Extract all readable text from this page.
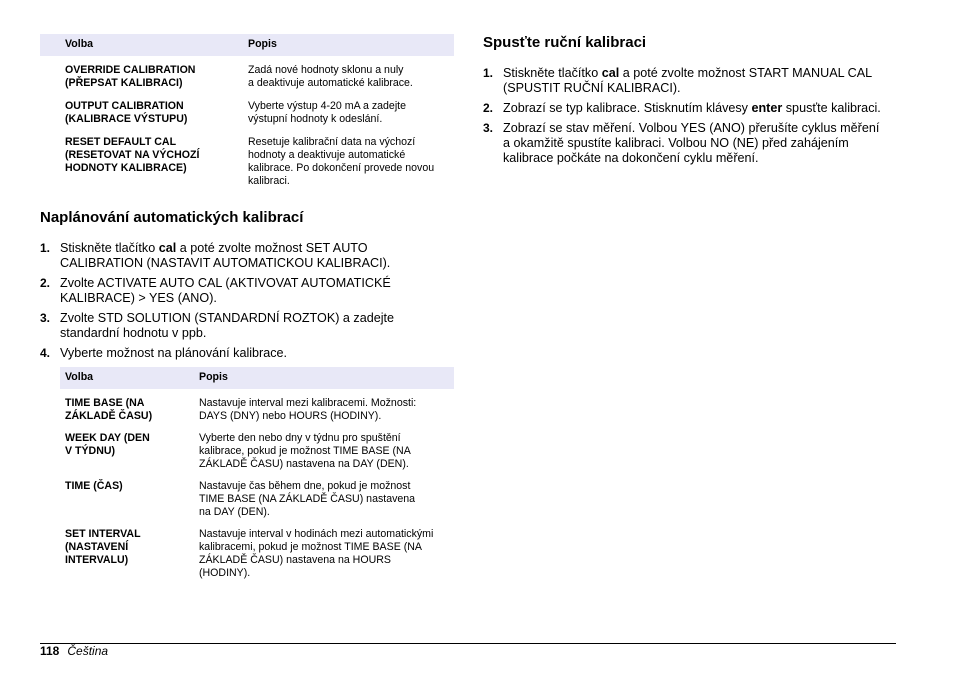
Volba	Popis

OVERRIDE CALIBRATION
(PŘEPSAT KALIBRACI)	Zadá nové hodnoty sklonu a nuly
a deaktivuje automatické kalibrace.

OUTPUT CALIBRATION
(KALIBRACE VÝSTUPU)	Vyberte výstup 4-20 mA a zadejte
výstupní hodnoty k odeslání.

RESET DEFAULT CAL
(RESETOVAT NA VÝCHOZÍ
HODNOTY KALIBRACE)	Resetuje kalibrační data na výchozí
hodnoty a deaktivuje automatické
kalibrace. Po dokončení provede novou
kalibraci.
Naplánování automatických kalibrací
1. Stiskněte tlačítko cal a poté zvolte možnost SET AUTO
CALIBRATION (NASTAVIT AUTOMATICKOU KALIBRACI).
2. Zvolte ACTIVATE AUTO CAL (AKTIVOVAT AUTOMATICKÉ
KALIBRACE) > YES (ANO).
3. Zvolte STD SOLUTION (STANDARDNÍ ROZTOK) a zadejte
standardní hodnotu v ppb.
4. Vyberte možnost na plánování kalibrace.
Volba	Popis

TIME BASE (NA
ZÁKLADĚ ČASU)	Nastavuje interval mezi kalibracemi. Možnosti:
DAYS (DNY) nebo HOURS (HODINY).

WEEK DAY (DEN
V TÝDNU)	Vyberte den nebo dny v týdnu pro spuštění
kalibrace, pokud je možnost TIME BASE (NA
ZÁKLADĚ ČASU) nastavena na DAY (DEN).

TIME (ČAS)	Nastavuje čas během dne, pokud je možnost
TIME BASE (NA ZÁKLADĚ ČASU) nastavena
na DAY (DEN).

SET INTERVAL
(NASTAVENÍ
INTERVALU)	Nastavuje interval v hodinách mezi automatickými
kalibracemi, pokud je možnost TIME BASE (NA
ZÁKLADĚ ČASU) nastavena na HOURS
(HODINY).
Spusťte ruční kalibraci
1. Stiskněte tlačítko cal a poté zvolte možnost START MANUAL CAL
(SPUSTIT RUČNÍ KALIBRACI).
2. Zobrazí se typ kalibrace. Stisknutím klávesy enter spusťte kalibraci.
3. Zobrazí se stav měření. Volbou YES (ANO) přerušíte cyklus měření
a okamžitě spustíte kalibraci. Volbou NO (NE) před zahájením
kalibrace počkáte na dokončení cyklu měření.
118 Čeština
